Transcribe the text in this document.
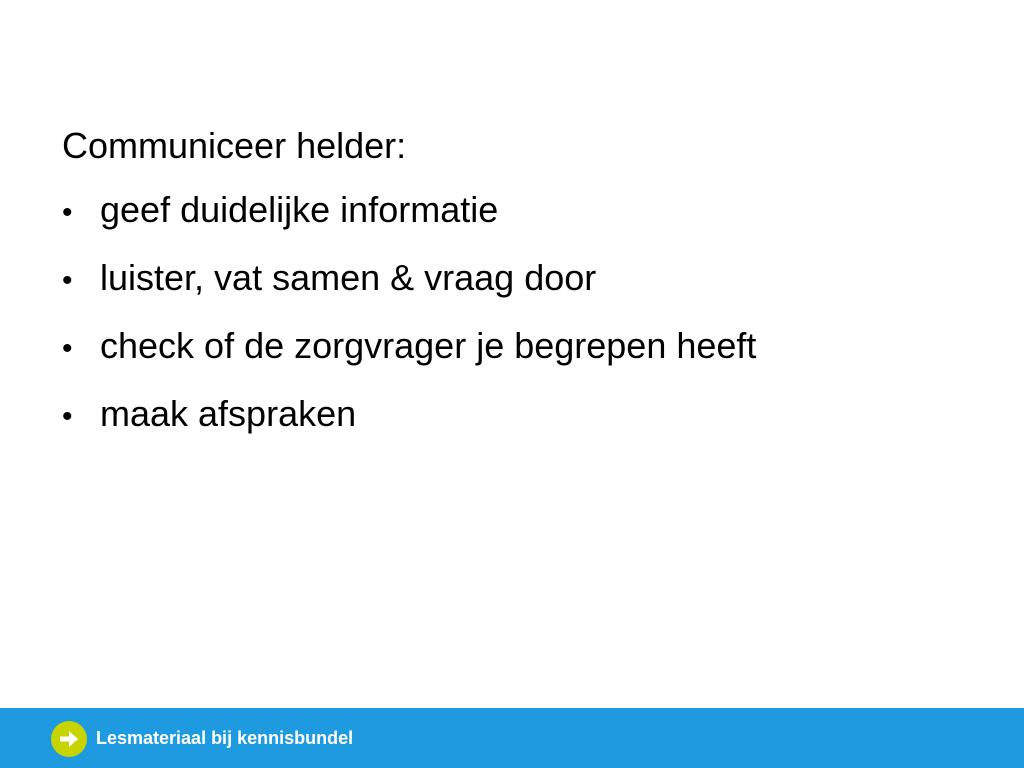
Communiceer helder:
• geef duidelijke informatie
• luister, vat samen & vraag door
• check of de zorgvrager je begrepen heeft
• maak afspraken
Lesmateriaal bij kennisbundel
